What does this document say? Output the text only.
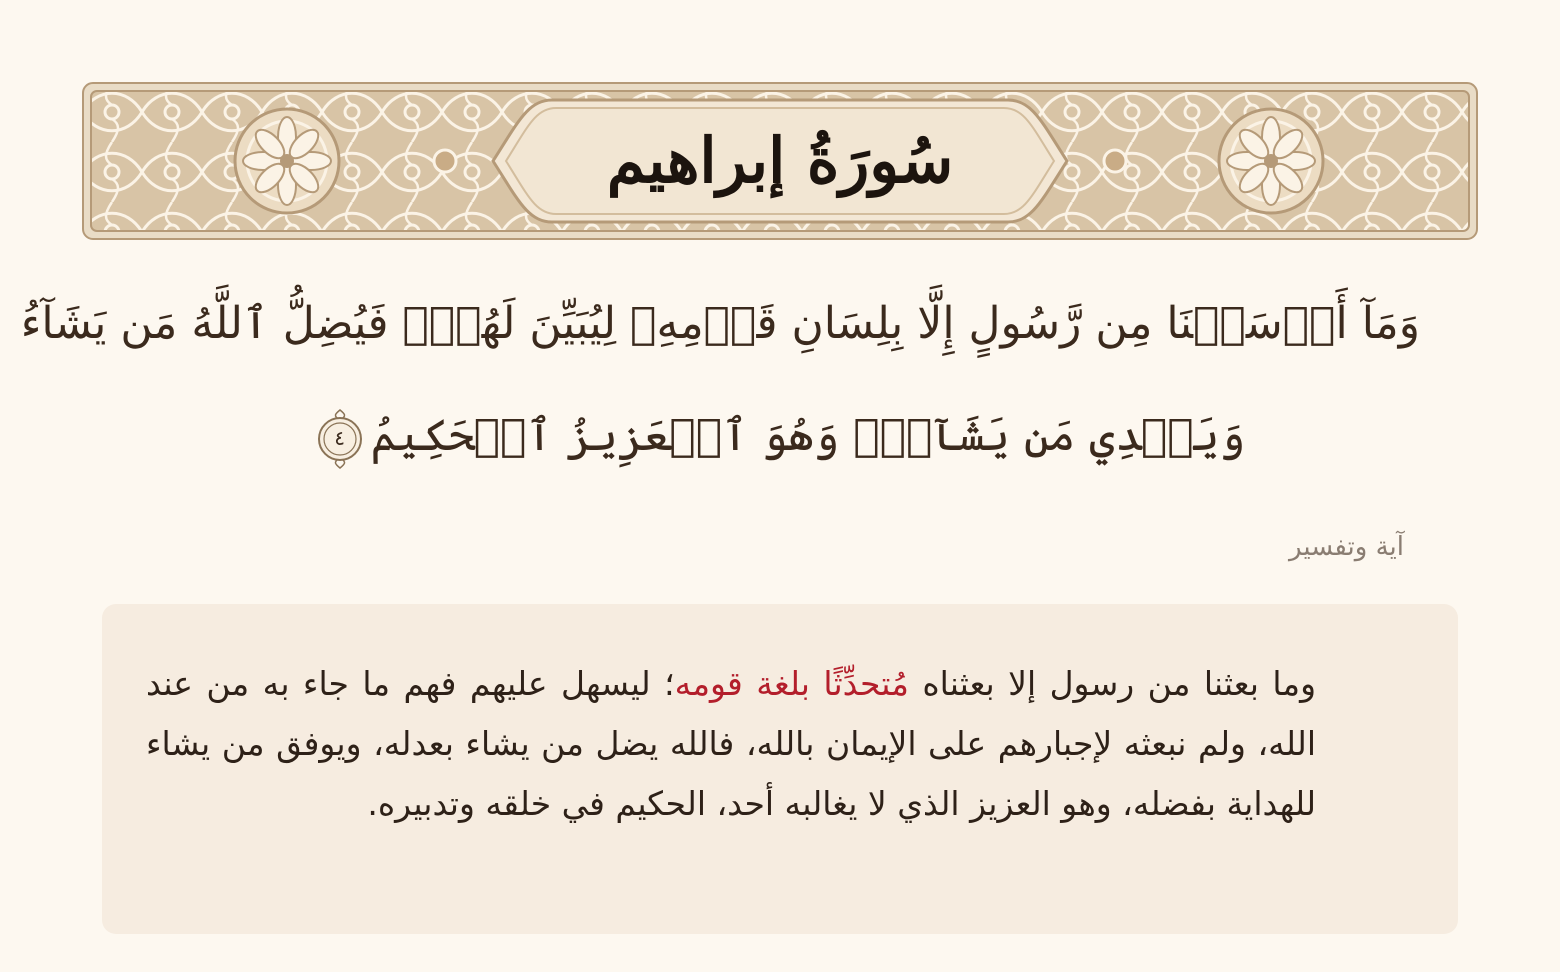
سُورَةُ إبراهيم
وَمَآ أَرۡسَلۡنَا مِن رَّسُولٍ إِلَّا بِلِسَانِ قَوۡمِهِۦ لِيُبَيِّنَ لَهُمۡۖ فَيُضِلُّ ٱللَّهُ مَن يَشَآءُ
وَيَهۡدِي مَن يَشَآءُۚ وَهُوَ ٱلۡعَزِيزُ ٱلۡحَكِيمُ
٤
آية وتفسير

وما بعثنا من رسول إلا بعثناه مُتحدِّثًا بلغة قومه؛ ليسهل عليهم فهم ما جاء به من عند الله، ولم نبعثه لإجبارهم على الإيمان بالله، فالله يضل من يشاء بعدله، ويوفق من يشاء للهداية بفضله، وهو العزيز الذي لا يغالبه أحد، الحكيم في خلقه وتدبيره.
